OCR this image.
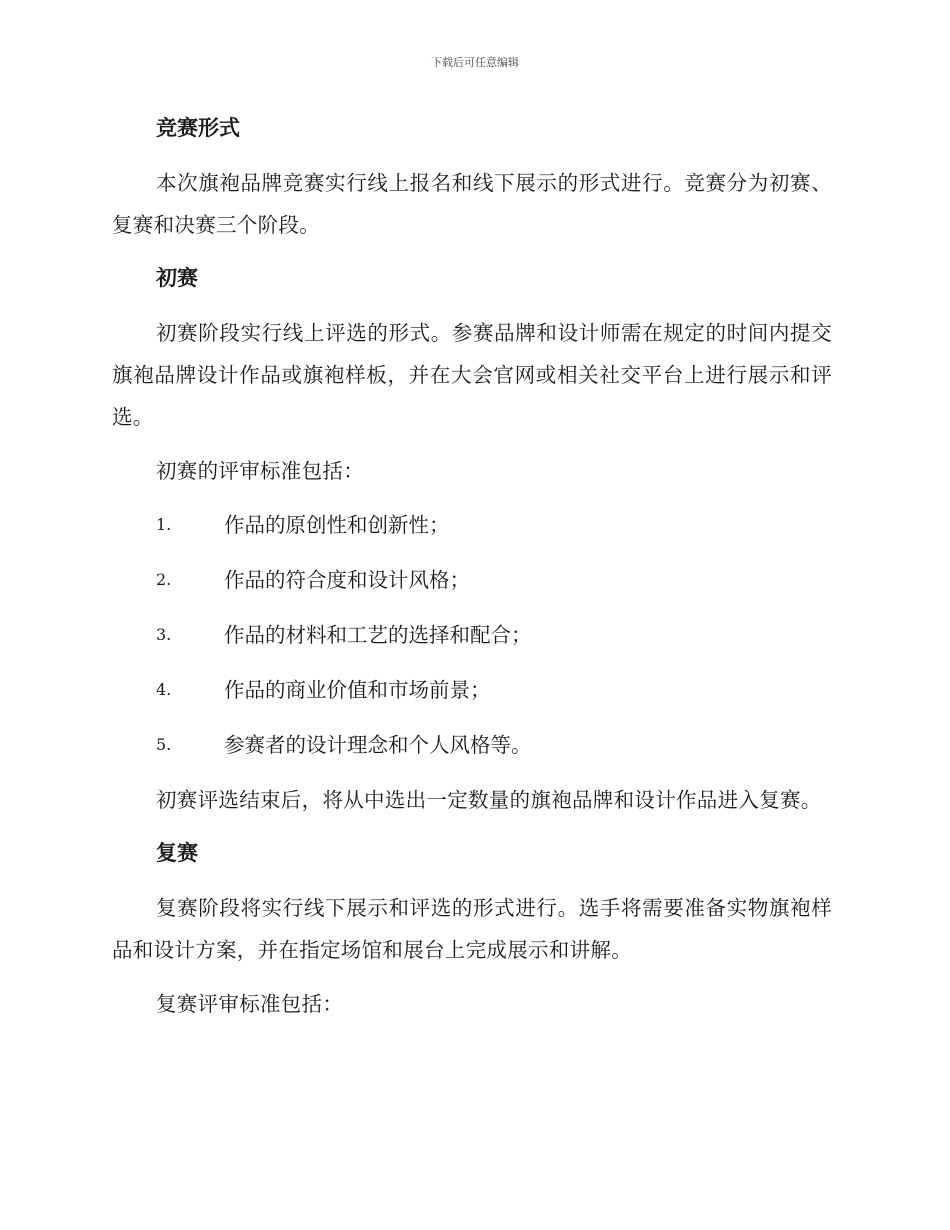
下载后可任意编辑
竞赛形式

本次旗袍品牌竞赛实行线上报名和线下展示的形式进行。竞赛分为初赛、复赛和决赛三个阶段。

初赛

初赛阶段实行线上评选的形式。参赛品牌和设计师需在规定的时间内提交旗袍品牌设计作品或旗袍样板，并在大会官网或相关社交平台上进行展示和评选。

初赛的评审标准包括：

1.	作品的原创性和创新性；
2.	作品的符合度和设计风格；
3.	作品的材料和工艺的选择和配合；
4.	作品的商业价值和市场前景；
5.	参赛者的设计理念和个人风格等。

初赛评选结束后，将从中选出一定数量的旗袍品牌和设计作品进入复赛。

复赛

复赛阶段将实行线下展示和评选的形式进行。选手将需要准备实物旗袍样品和设计方案，并在指定场馆和展台上完成展示和讲解。

复赛评审标准包括：
